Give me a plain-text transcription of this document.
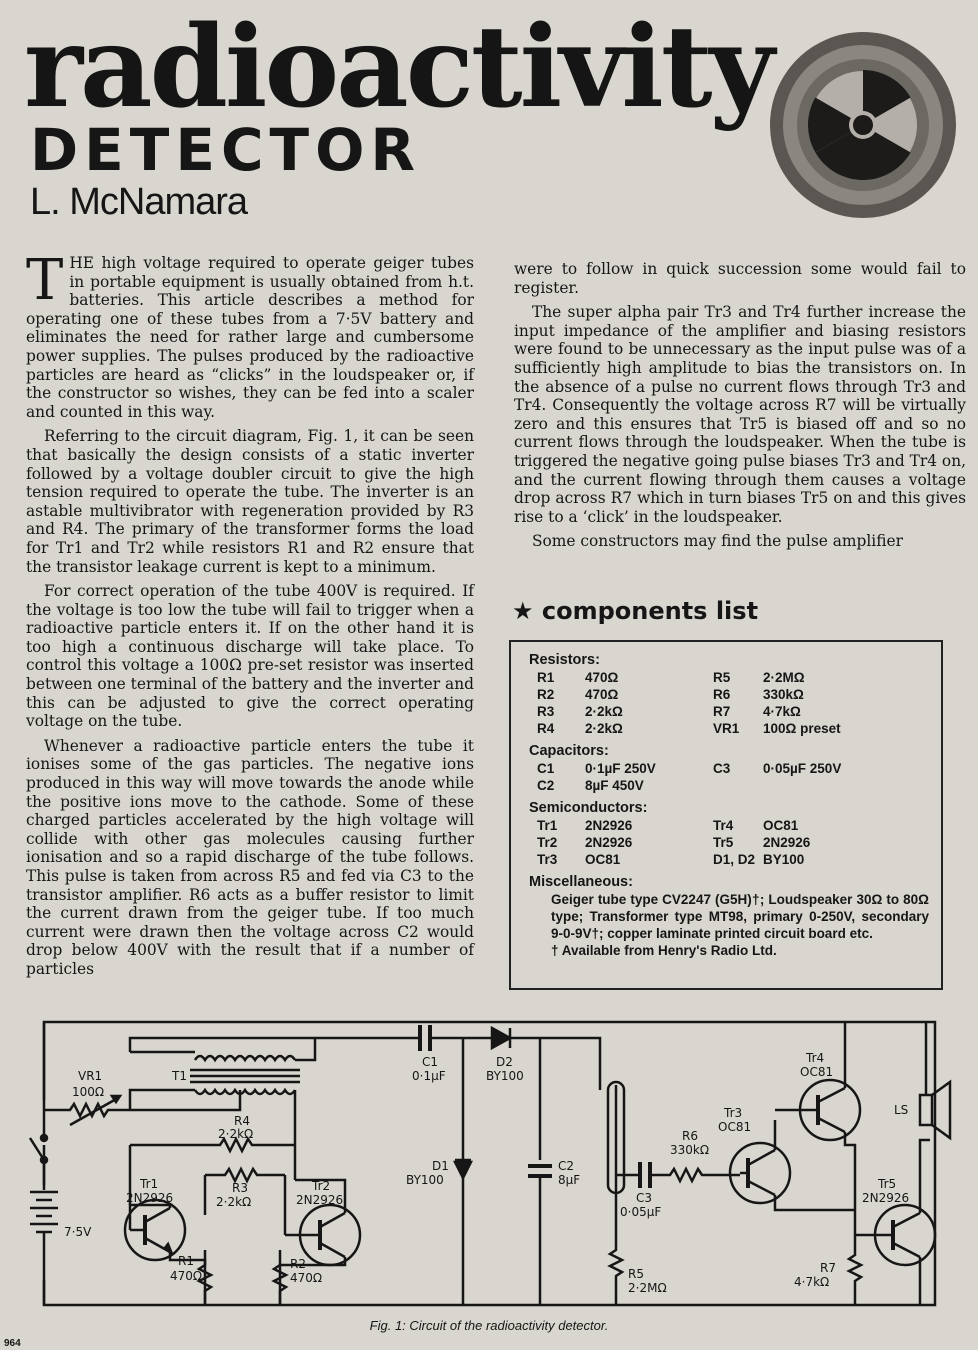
radioactivity
DETECTOR
L. McNamara

THE high voltage required to operate geiger tubes in portable equipment is usually obtained from h.t. batteries. This article describes a method for operating one of these tubes from a 7·5V battery and eliminates the need for rather large and cumbersome power supplies. The pulses produced by the radioactive particles are heard as “clicks” in the loudspeaker or, if the constructor so wishes, they can be fed into a scaler and counted in this way.

Referring to the circuit diagram, Fig. 1, it can be seen that basically the design consists of a static inverter followed by a voltage doubler circuit to give the high tension required to operate the tube. The inverter is an astable multivibrator with regeneration provided by R3 and R4. The primary of the transformer forms the load for Tr1 and Tr2 while resistors R1 and R2 ensure that the transistor leakage current is kept to a minimum.

For correct operation of the tube 400V is required. If the voltage is too low the tube will fail to trigger when a radioactive particle enters it. If on the other hand it is too high a continuous discharge will take place. To control this voltage a 100Ω pre-set resistor was inserted between one terminal of the battery and the inverter and this can be adjusted to give the correct operating voltage on the tube.

Whenever a radioactive particle enters the tube it ionises some of the gas particles. The negative ions produced in this way will move towards the anode while the positive ions move to the cathode. Some of these charged particles accelerated by the high voltage will collide with other gas molecules causing further ionisation and so a rapid discharge of the tube follows. This pulse is taken from across R5 and fed via C3 to the transistor amplifier. R6 acts as a buffer resistor to limit the current drawn from the geiger tube. If too much current were drawn then the voltage across C2 would drop below 400V with the result that if a number of particles

were to follow in quick succession some would fail to register.

The super alpha pair Tr3 and Tr4 further increase the input impedance of the amplifier and biasing resistors were found to be unnecessary as the input pulse was of a sufficiently high amplitude to bias the transistors on. In the absence of a pulse no current flows through Tr3 and Tr4. Consequently the voltage across R7 will be virtually zero and this ensures that Tr5 is biased off and so no current flows through the loudspeaker. When the tube is triggered the negative going pulse biases Tr3 and Tr4 on, and the current flowing through them causes a voltage drop across R7 which in turn biases Tr5 on and this gives rise to a ‘click’ in the loudspeaker.

Some constructors may find the pulse amplifier

★ components list
Resistors:
R1	470Ω	R5	2·2MΩ
R2	470Ω	R6	330kΩ
R3	2·2kΩ	R7	4·7kΩ
R4	2·2kΩ	VR1	100Ω preset
Capacitors:
C1	0·1µF 250V	C3	0·05µF 250V
C2	8µF 450V
Semiconductors:
Tr1	2N2926	Tr4	OC81
Tr2	2N2926	Tr5	2N2926
Tr3	OC81	D1, D2 BY100
Miscellaneous:

Geiger tube type CV2247 (G5H)†; Loudspeaker 30Ω to 80Ω type; Transformer type MT98, primary 0-250V, secondary 9-0-9V†; copper laminate printed circuit board etc.

† Available from Henry's Radio Ltd.

VR1
100Ω
T1
R4
2·2kΩ
R3
2·2kΩ
Tr1
2N2926
Tr2
2N2926
R1
470Ω
R2
470Ω
7·5V
C1
0·1µF
D2
BY100
D1
BY100
C2
8µF
C3
0·05µF
R5
2·2MΩ
R6
330kΩ
Tr3
OC81
Tr4
OC81
Tr5
2N2926
R7
4·7kΩ
LS
Fig. 1: Circuit of the radioactivity detector.
964
